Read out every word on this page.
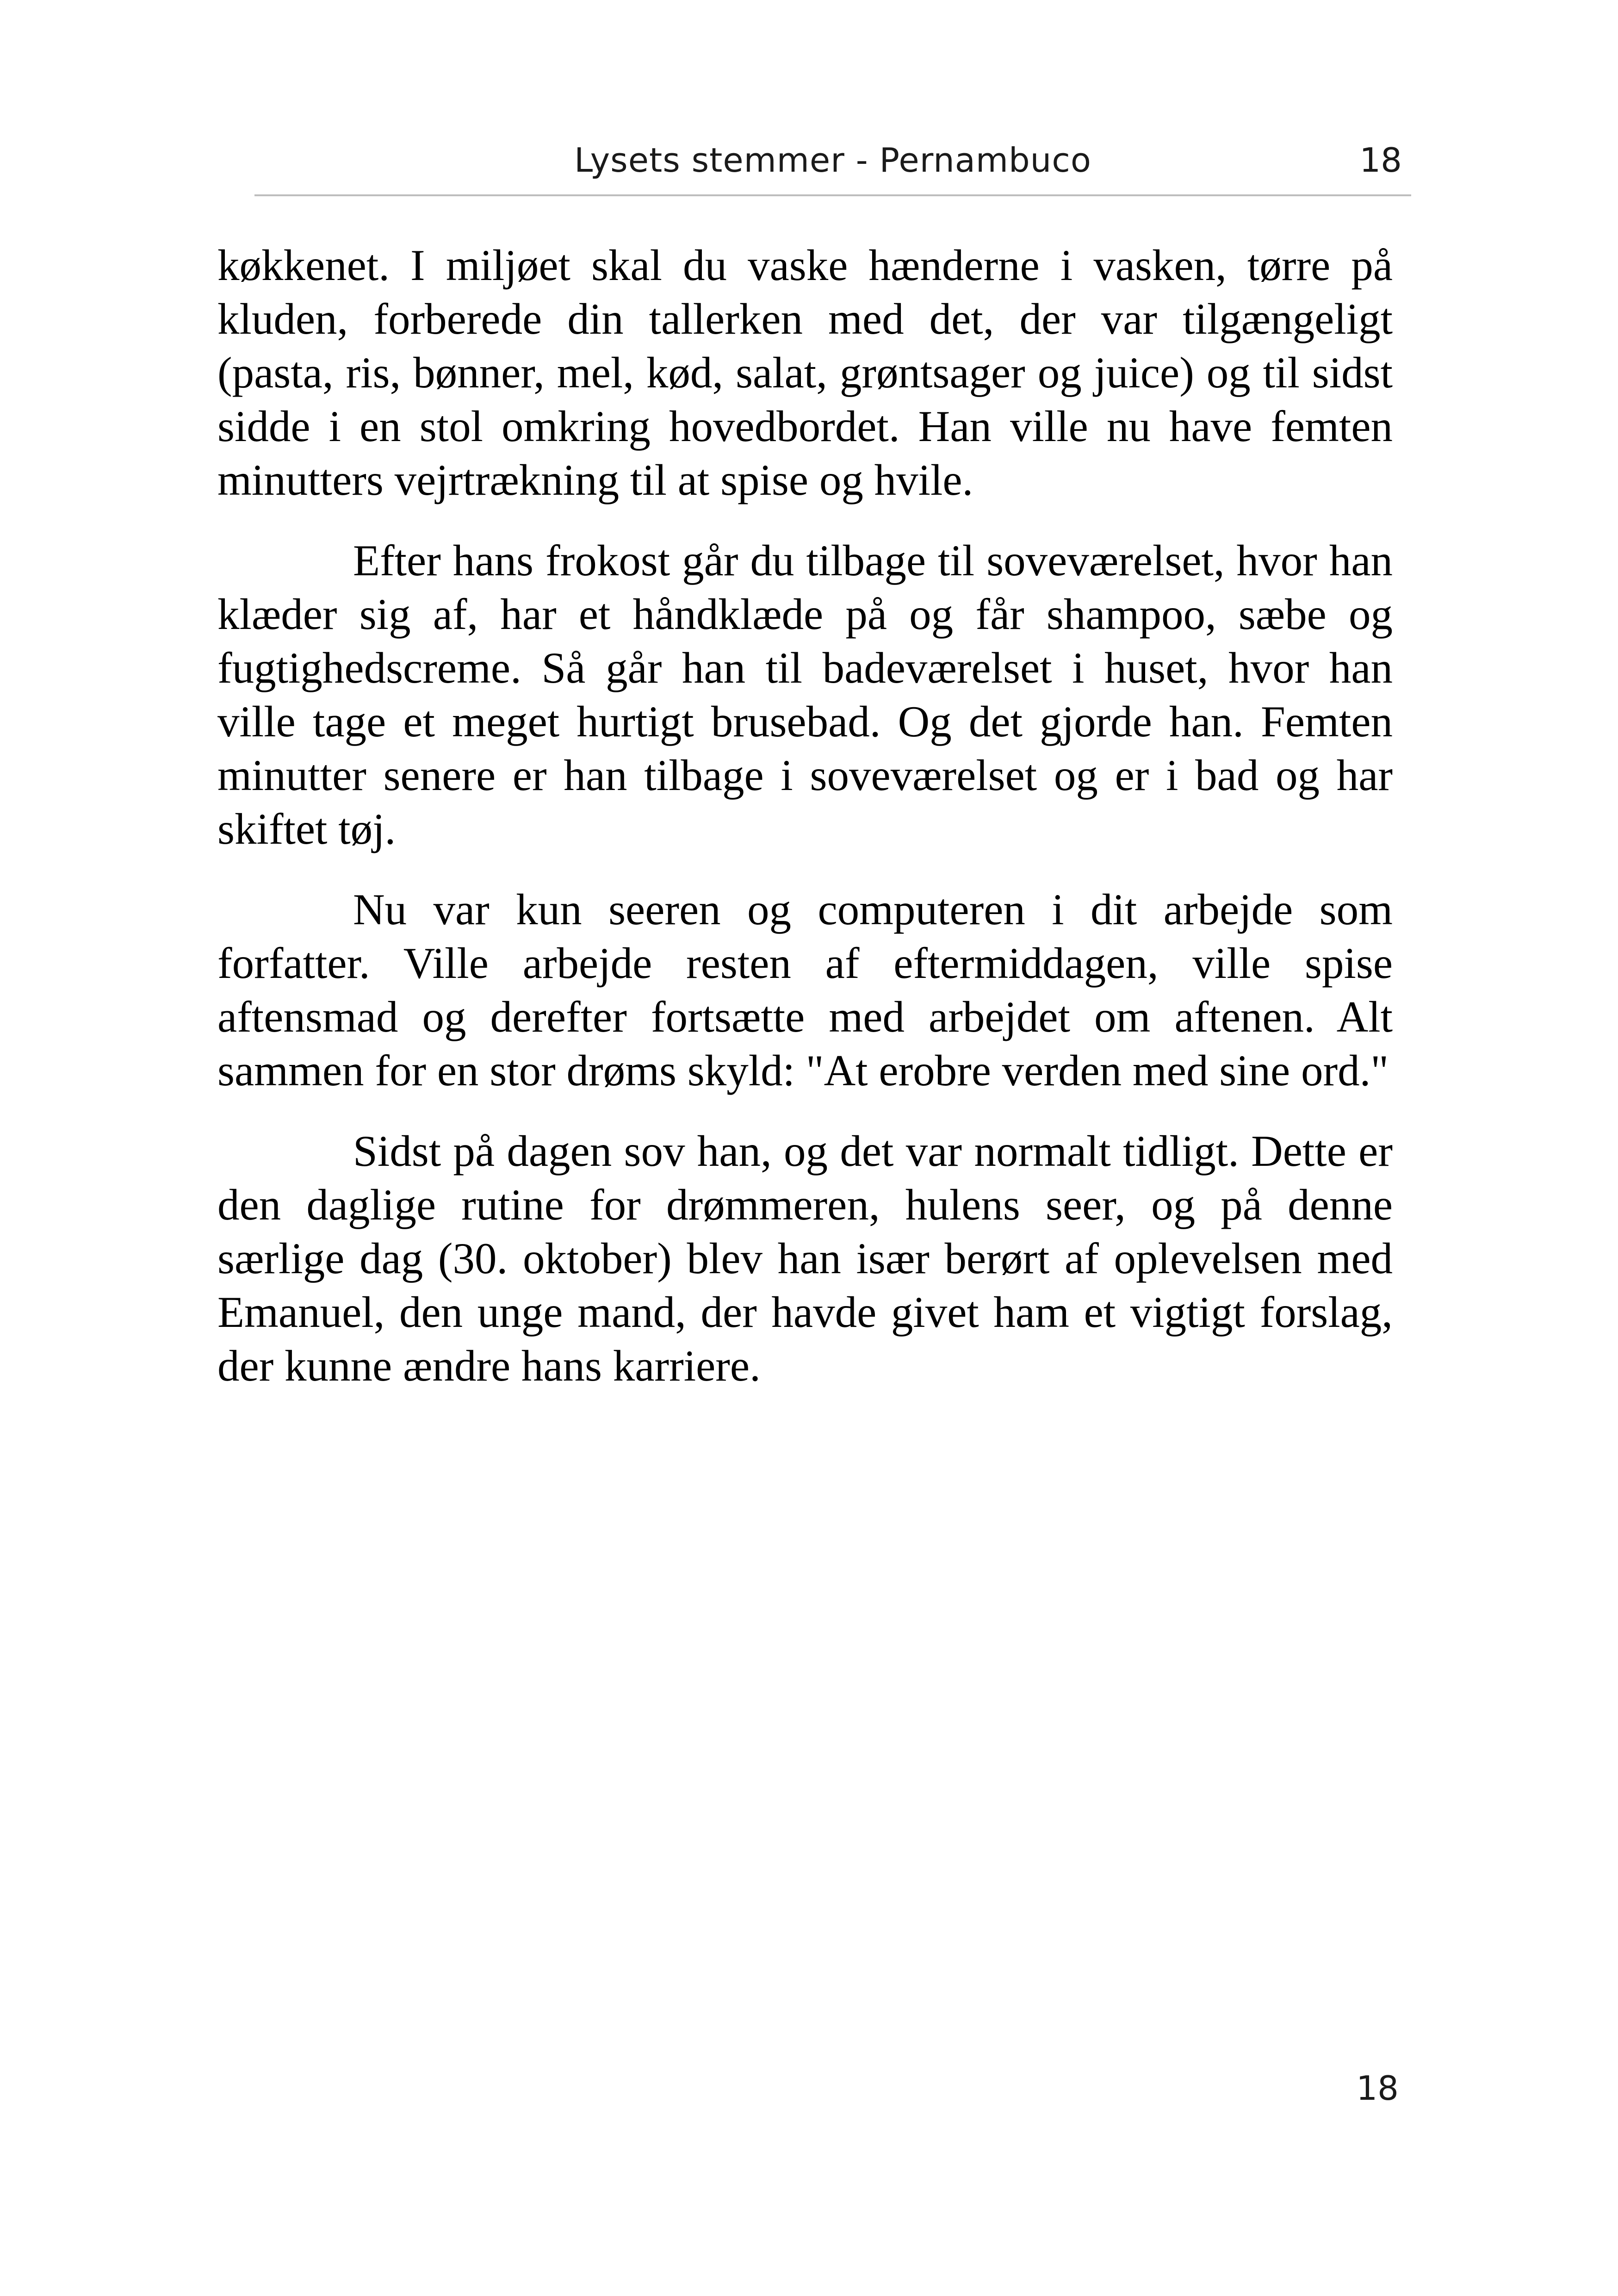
Lysets stemmer - Pernambuco	18

køkkenet. I miljøet skal du vaske hænderne i vasken, tørre på kluden, forberede din tallerken med det, der var tilgængeligt (pasta, ris, bønner, mel, kød, salat, grøntsager og juice) og til sidst sidde i en stol omkring hovedbordet. Han ville nu have femten minutters vejrtrækning til at spise og hvile.

Efter hans frokost går du tilbage til soveværelset, hvor han klæder sig af, har et håndklæde på og får shampoo, sæbe og fugtighedscreme. Så går han til badeværelset i huset, hvor han ville tage et meget hurtigt brusebad. Og det gjorde han. Femten minutter senere er han tilbage i soveværelset og er i bad og har skiftet tøj.

Nu var kun seeren og computeren i dit arbejde som forfatter. Ville arbejde resten af eftermiddagen, ville spise aftensmad og derefter fortsætte med arbejdet om aftenen. Alt sammen for en stor drøms skyld: "At erobre verden med sine ord."

Sidst på dagen sov han, og det var normalt tidligt. Dette er den daglige rutine for drømmeren, hulens seer, og på denne særlige dag (30. oktober) blev han især berørt af oplevelsen med Emanuel, den unge mand, der havde givet ham et vigtigt forslag, der kunne ændre hans karriere.

18
